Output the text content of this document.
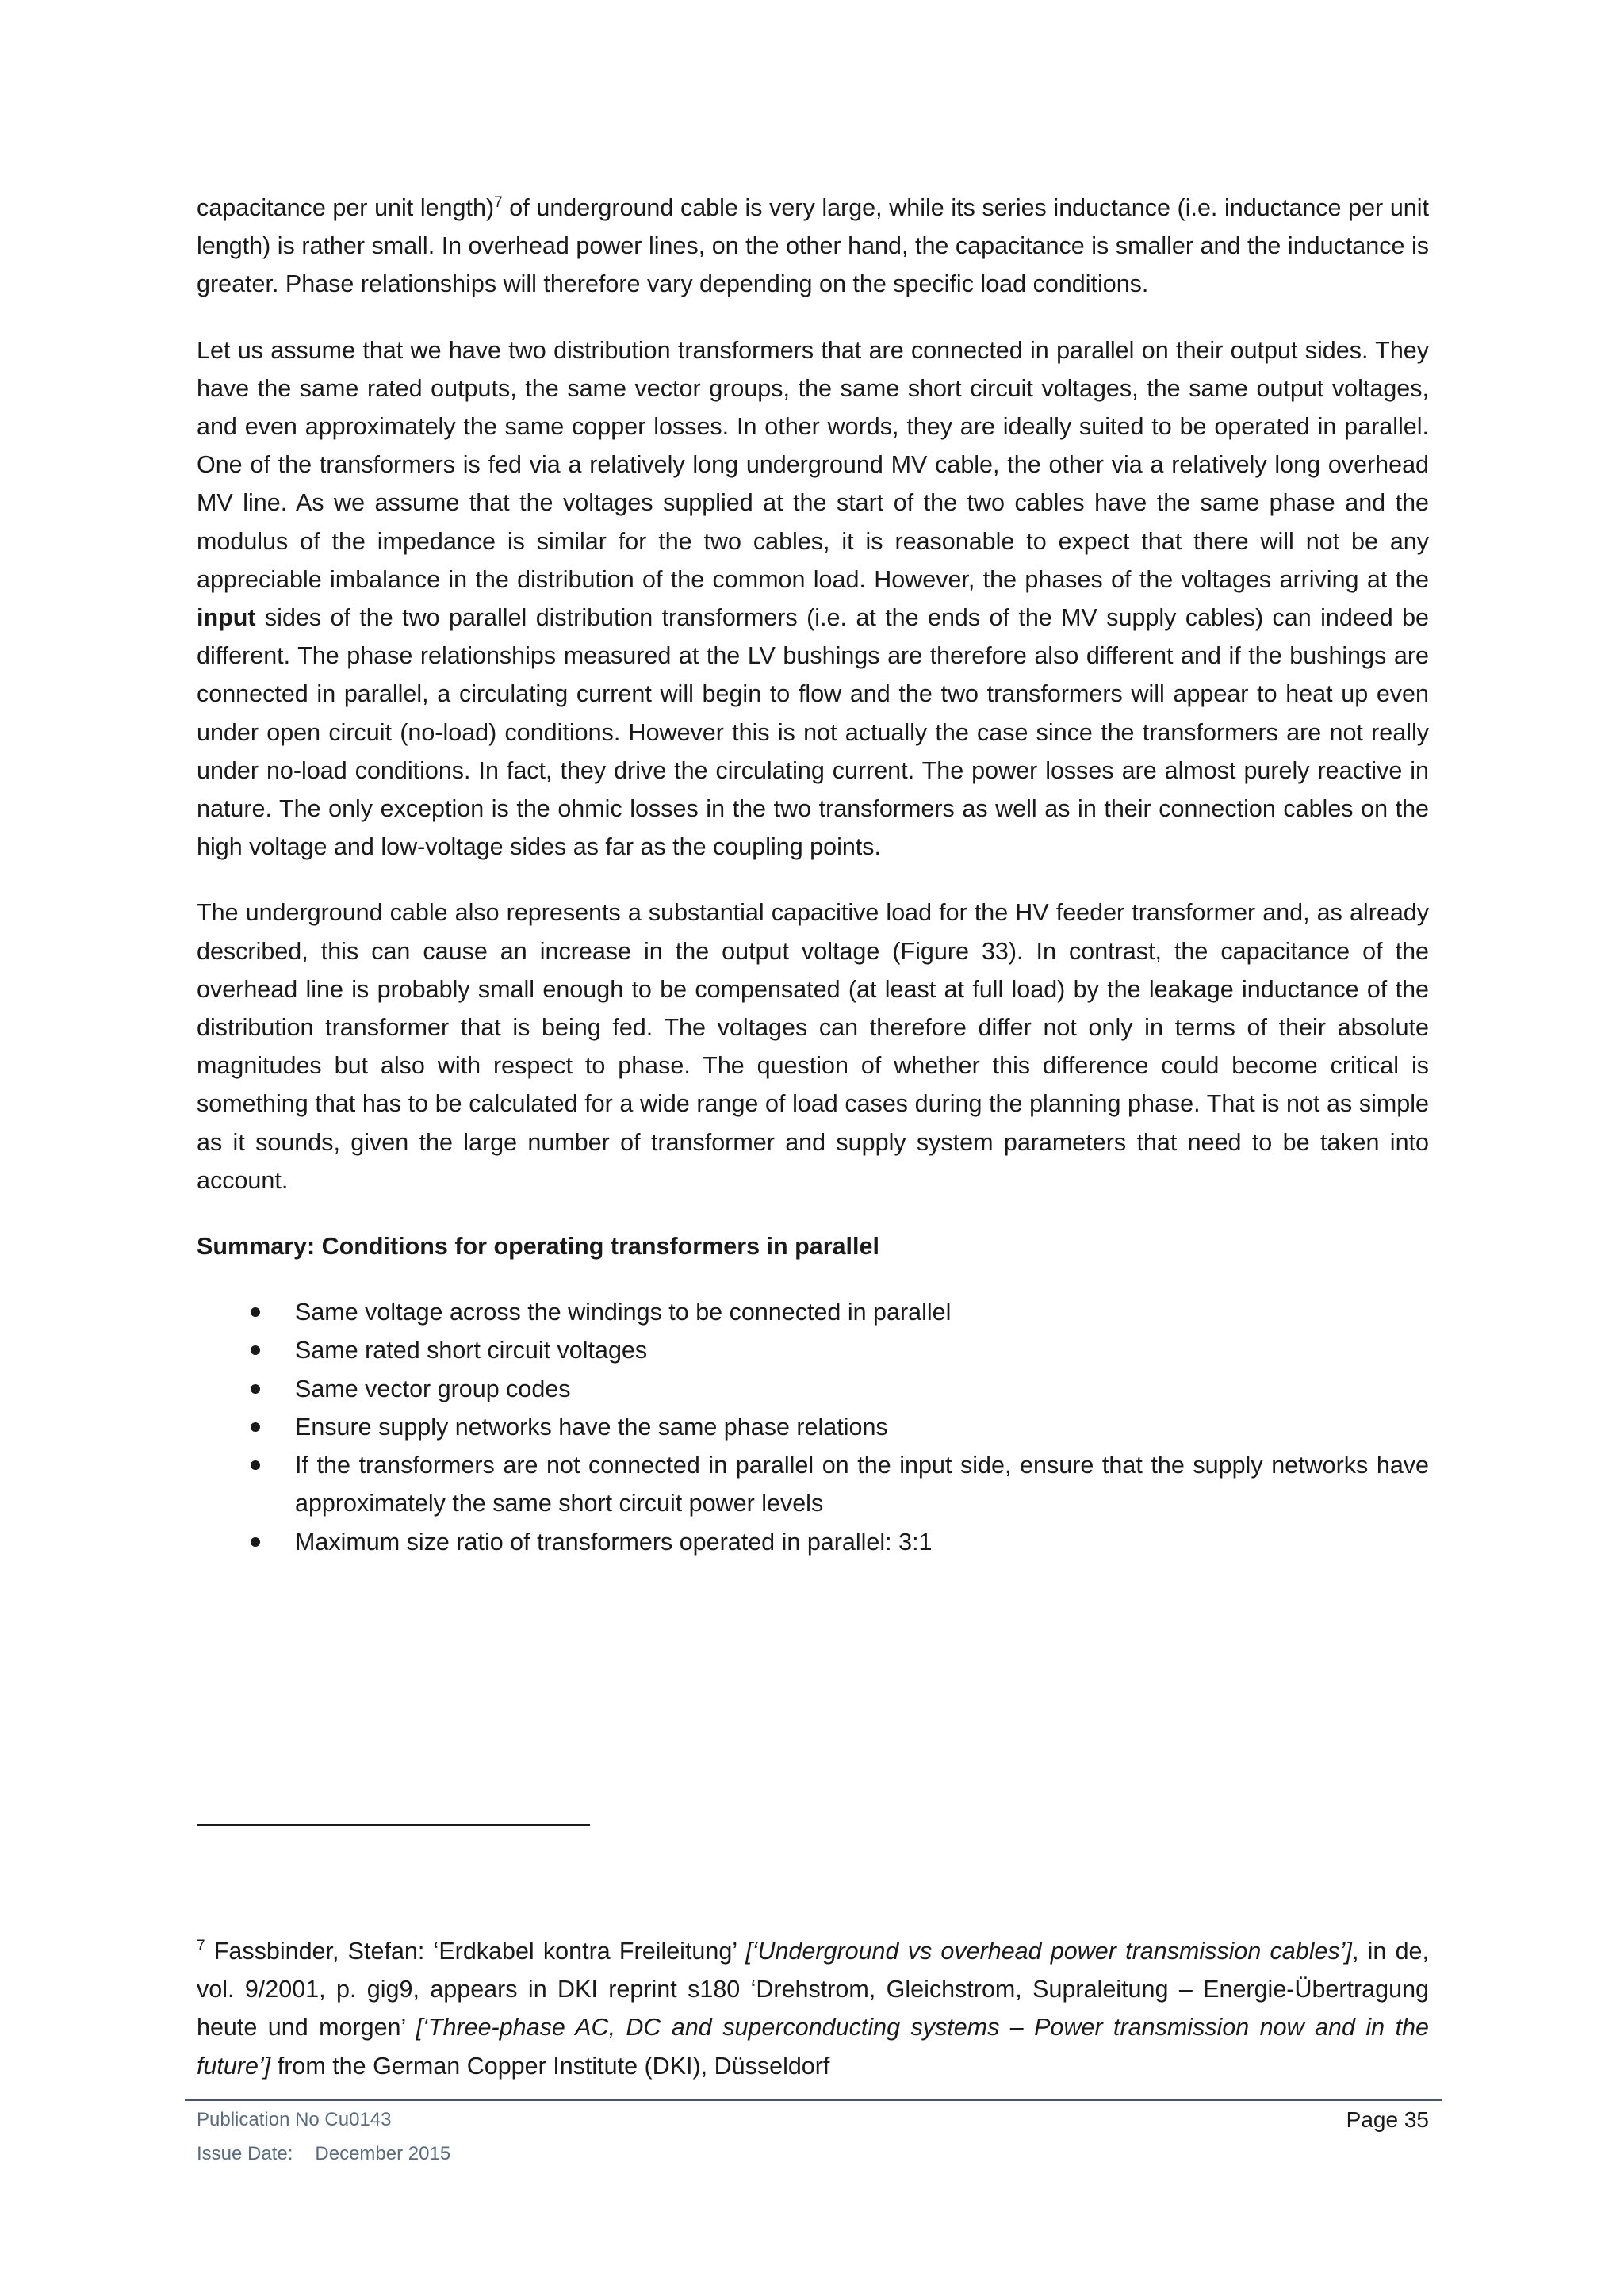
capacitance per unit length)$^7$ of underground cable is very large, while its series inductance (i.e. inductance per unit length) is rather small. In overhead power lines, on the other hand, the capacitance is smaller and the inductance is greater. Phase relationships will therefore vary depending on the specific load conditions.

Let us assume that we have two distribution transformers that are connected in parallel on their output sides. They have the same rated outputs, the same vector groups, the same short circuit voltages, the same output voltages, and even approximately the same copper losses. In other words, they are ideally suited to be operated in parallel. One of the transformers is fed via a relatively long underground MV cable, the other via a relatively long overhead MV line. As we assume that the voltages supplied at the start of the two cables have the same phase and the modulus of the impedance is similar for the two cables, it is reasonable to expect that there will not be any appreciable imbalance in the distribution of the common load. However, the phases of the voltages arriving at the input sides of the two parallel distribution transformers (i.e. at the ends of the MV supply cables) can indeed be different. The phase relationships measured at the LV bushings are therefore also different and if the bushings are connected in parallel, a circulating current will begin to flow and the two transformers will appear to heat up even under open circuit (no-load) conditions. However this is not actually the case since the transformers are not really under no-load conditions. In fact, they drive the circulating current. The power losses are almost purely reactive in nature. The only exception is the ohmic losses in the two transformers as well as in their connection cables on the high voltage and low-voltage sides as far as the coupling points.

The underground cable also represents a substantial capacitive load for the HV feeder transformer and, as already described, this can cause an increase in the output voltage (Figure 33). In contrast, the capacitance of the overhead line is probably small enough to be compensated (at least at full load) by the leakage inductance of the distribution transformer that is being fed. The voltages can therefore differ not only in terms of their absolute magnitudes but also with respect to phase. The question of whether this difference could become critical is something that has to be calculated for a wide range of load cases during the planning phase. That is not as simple as it sounds, given the large number of transformer and supply system parameters that need to be taken into account.

Summary: Conditions for operating transformers in parallel

Same voltage across the windings to be connected in parallel
Same rated short circuit voltages
Same vector group codes
Ensure supply networks have the same phase relations
If the transformers are not connected in parallel on the input side, ensure that the supply networks have approximately the same short circuit power levels
Maximum size ratio of transformers operated in parallel: 3:1
$^7$ Fassbinder, Stefan: ‘Erdkabel kontra Freileitung’ [‘Underground vs overhead power transmission cables’], in de, vol. 9/2001, p. gig9, appears in DKI reprint s180 ‘Drehstrom, Gleichstrom, Supraleitung – Energie-Übertragung heute und morgen’ [‘Three-phase AC, DC and superconducting systems – Power transmission now and in the future’] from the German Copper Institute (DKI), Düsseldorf
Publication No Cu0143
Issue Date: December 2015
Page 35
